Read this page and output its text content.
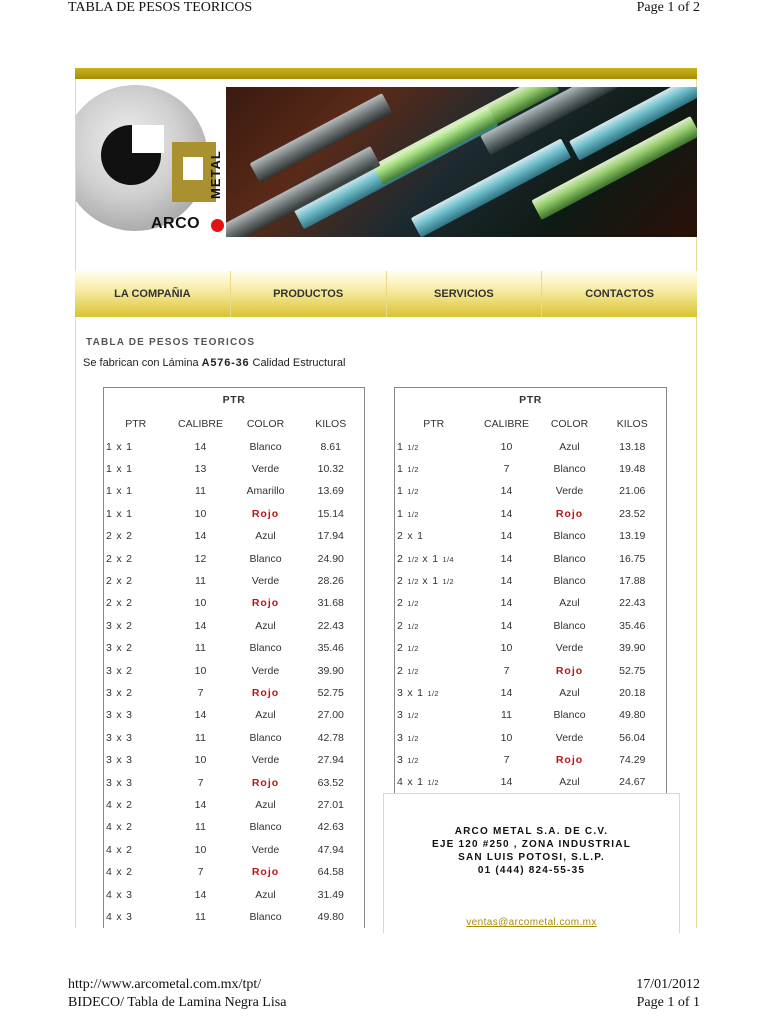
TABLA DE PESOS TEORICOS	Page 1 of 2
ARCO
METAL
LA COMPAÑIA	PRODUCTOS	SERVICIOS	CONTACTOS
TABLA DE PESOS TEORICOS
Se fabrican con Lámina A576-36 Calidad Estructural
PTR			
PTR	CALIBRE	COLOR	KILOS
1 x 1	14	Blanco	8.61
1 x 1	13	Verde	10.32
1 x 1	11	Amarillo	13.69
1 x 1	10	Rojo	15.14
2 x 2	14	Azul	17.94
2 x 2	12	Blanco	24.90
2 x 2	11	Verde	28.26
2 x 2	10	Rojo	31.68
3 x 2	14	Azul	22.43
3 x 2	11	Blanco	35.46
3 x 2	10	Verde	39.90
3 x 2	7	Rojo	52.75
3 x 3	14	Azul	27.00
3 x 3	11	Blanco	42.78
3 x 3	10	Verde	27.94
3 x 3	7	Rojo	63.52
4 x 2	14	Azul	27.01
4 x 2	11	Blanco	42.63
4 x 2	10	Verde	47.94
4 x 2	7	Rojo	64.58
4 x 3	14	Azul	31.49
4 x 3	11	Blanco	49.80
PTR			
PTR	CALIBRE	COLOR	KILOS
1 1/2	10	Azul	13.18
1 1/2	7	Blanco	19.48
1 1/2	14	Verde	21.06
1 1/2	14	Rojo	23.52
2 x 1	14	Blanco	13.19
2 1/2 x 1 1/4	14	Blanco	16.75
2 1/2 x 1 1/2	14	Blanco	17.88
2 1/2	14	Azul	22.43
2 1/2	14	Blanco	35.46
2 1/2	10	Verde	39.90
2 1/2	7	Rojo	52.75
3 x 1 1/2	14	Azul	20.18
3 1/2	11	Blanco	49.80
3 1/2	10	Verde	56.04
3 1/2	7	Rojo	74.29
4 x 1 1/2	14	Azul	24.67
ARCO METAL S.A. DE C.V.
EJE 120 #250 , ZONA INDUSTRIAL
SAN LUIS POTOSI, S.L.P.
01 (444) 824-55-35
ventas@arcometal.com.mx
http://www.arcometal.com.mx/tpt/
BIDECO/ Tabla de Lamina Negra Lisa
17/01/2012
Page 1 of 1
